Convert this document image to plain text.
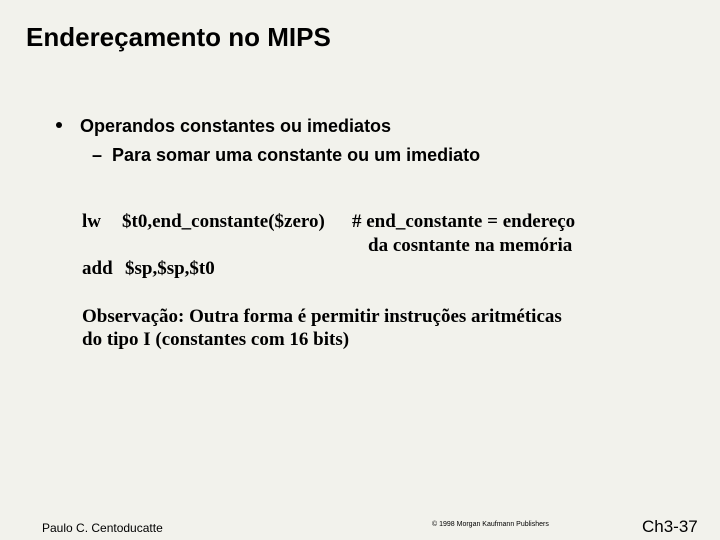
Endereçamento no MIPS
Operandos constantes ou imediatos
– Para somar uma constante ou um imediato
lw $t0,end_constante($zero) # end_constante = endereço
da cosntante na memória
add $sp,$sp,$t0
Observação: Outra forma é permitir instruções aritméticas
do tipo I (constantes com 16 bits)
Paulo C. Centoducatte	© 1998 Morgan Kaufmann Publishers	Ch3-37
